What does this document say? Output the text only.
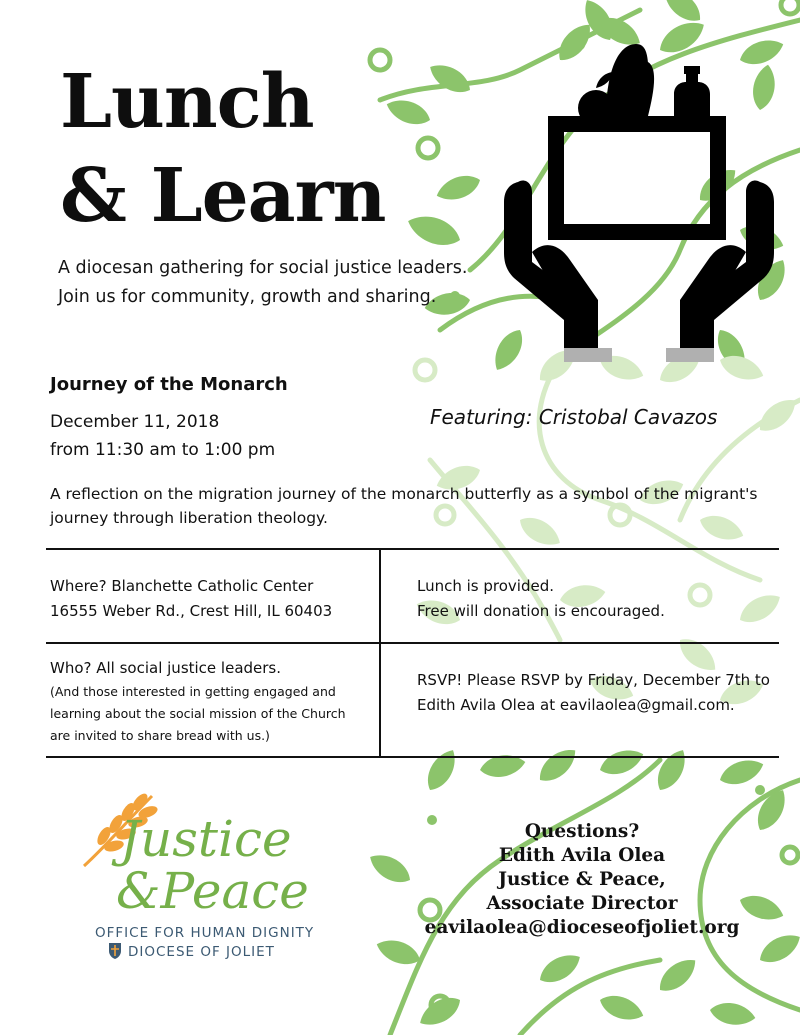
Lunch
& Learn
A diocesan gathering for social justice leaders.
Join us for community, growth and sharing.
Journey of the Monarch
December 11, 2018
from 11:30 am to 1:00 pm
Featuring: Cristobal Cavazos
A reflection on the migration journey of the monarch butterfly as a symbol of the migrant's journey through liberation theology.
Where? Blanchette Catholic Center
16555 Weber Rd., Crest Hill, IL 60403
Lunch is provided.
Free will donation is encouraged.
Who? All social justice leaders.
(And those interested in getting engaged and
learning about the social mission of the Church
are invited to share bread with us.)
RSVP! Please RSVP by Friday, December 7th to
Edith Avila Olea at eavilaolea@gmail.com.
Justice
&Peace
OFFICE FOR HUMAN DIGNITY
DIOCESE OF JOLIET
Questions?
Edith Avila Olea
Justice & Peace,
Associate Director
eavilaolea@dioceseofjoliet.org
